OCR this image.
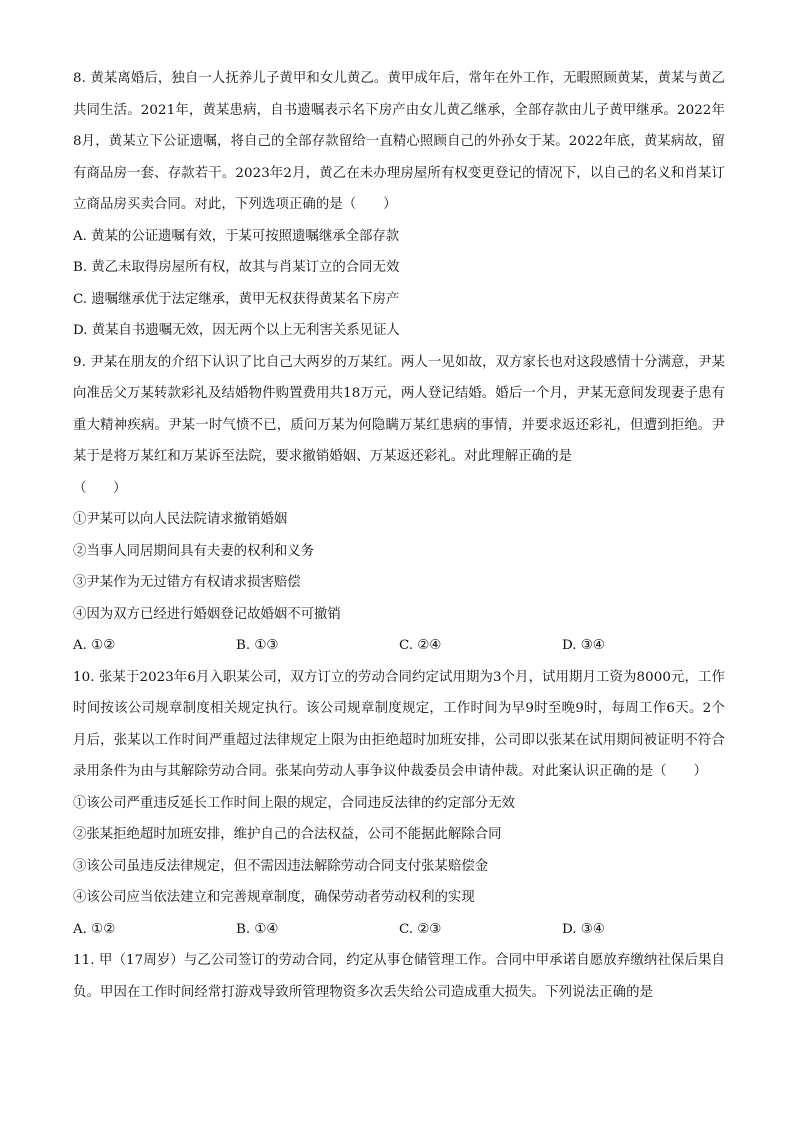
8. 黄某离婚后，独自一人抚养儿子黄甲和女儿黄乙。黄甲成年后，常年在外工作，无暇照顾黄某，黄某与黄乙共同生活。2021年，黄某患病，自书遗嘱表示名下房产由女儿黄乙继承，全部存款由儿子黄甲继承。2022年8月，黄某立下公证遗嘱，将自己的全部存款留给一直精心照顾自己的外孙女于某。2022年底，黄某病故，留有商品房一套、存款若干。2023年2月，黄乙在未办理房屋所有权变更登记的情况下，以自己的名义和肖某订立商品房买卖合同。对此，下列选项正确的是（　　）

A. 黄某的公证遗嘱有效，于某可按照遗嘱继承全部存款

B. 黄乙未取得房屋所有权，故其与肖某订立的合同无效

C. 遗嘱继承优于法定继承，黄甲无权获得黄某名下房产

D. 黄某自书遗嘱无效，因无两个以上无利害关系见证人

9. 尹某在朋友的介绍下认识了比自己大两岁的万某红。两人一见如故，双方家长也对这段感情十分满意，尹某向准岳父万某转款彩礼及结婚物件购置费用共18万元，两人登记结婚。婚后一个月，尹某无意间发现妻子患有重大精神疾病。尹某一时气愤不已，质问万某为何隐瞒万某红患病的事情，并要求返还彩礼，但遭到拒绝。尹某于是将万某红和万某诉至法院，要求撤销婚姻、万某返还彩礼。对此理解正确的是

（　　）

①尹某可以向人民法院请求撤销婚姻

②当事人同居期间具有夫妻的权利和义务

③尹某作为无过错方有权请求损害赔偿

④因为双方已经进行婚姻登记故婚姻不可撤销

A. ①②	B. ①③	C. ②④	D. ③④

10. 张某于2023年6月入职某公司，双方订立的劳动合同约定试用期为3个月，试用期月工资为8000元，工作时间按该公司规章制度相关规定执行。该公司规章制度规定，工作时间为早9时至晚9时，每周工作6天。2个月后，张某以工作时间严重超过法律规定上限为由拒绝超时加班安排，公司即以张某在试用期间被证明不符合录用条件为由与其解除劳动合同。张某向劳动人事争议仲裁委员会申请仲裁。对此案认识正确的是（　　）

①该公司严重违反延长工作时间上限的规定，合同违反法律的约定部分无效

②张某拒绝超时加班安排，维护自己的合法权益，公司不能据此解除合同

③该公司虽违反法律规定，但不需因违法解除劳动合同支付张某赔偿金

④该公司应当依法建立和完善规章制度，确保劳动者劳动权利的实现

A. ①②	B. ①④	C. ②③	D. ③④

11. 甲（17周岁）与乙公司签订的劳动合同，约定从事仓储管理工作。合同中甲承诺自愿放弃缴纳社保后果自负。甲因在工作时间经常打游戏导致所管理物资多次丢失给公司造成重大损失。下列说法正确的是
